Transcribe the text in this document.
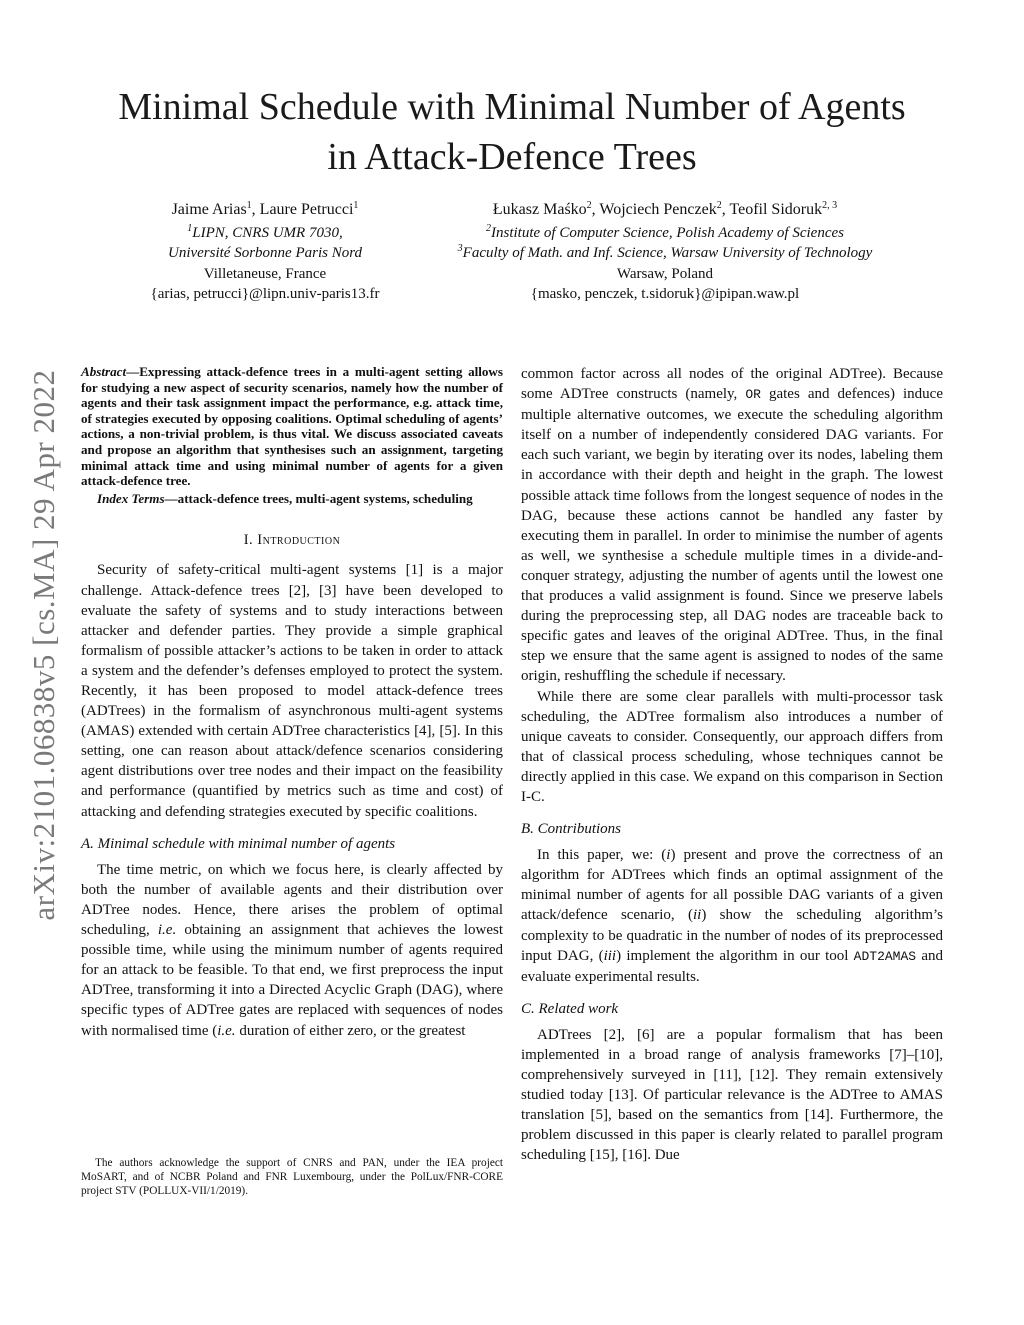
Minimal Schedule with Minimal Number of Agents
in Attack-Defence Trees
Jaime Arias$^1$, Laure Petrucci$^1$
$^1$LIPN, CNRS UMR 7030,
Université Sorbonne Paris Nord
Villetaneuse, France
{arias, petrucci}@lipn.univ-paris13.fr
Łukasz Maśko$^2$, Wojciech Penczek$^2$, Teofil Sidoruk$^{2, 3}$
$^2$Institute of Computer Science, Polish Academy of Sciences
$^3$Faculty of Math. and Inf. Science, Warsaw University of Technology
Warsaw, Poland
{masko, penczek, t.sidoruk}@ipipan.waw.pl
arXiv:2101.06838v5 [cs.MA] 29 Apr 2022 Abstract—Expressing attack-defence trees in a multi-agent setting allows for studying a new aspect of security scenarios, namely how the number of agents and their task assignment impact the performance, e.g. attack time, of strategies executed by opposing coalitions. Optimal scheduling of agents’ actions, a non-trivial problem, is thus vital. We discuss associated caveats and propose an algorithm that synthesises such an assignment, targeting minimal attack time and using minimal number of agents for a given attack-defence tree.

Index Terms—attack-defence trees, multi-agent systems, scheduling

I. Introduction

Security of safety-critical multi-agent systems [1] is a major challenge. Attack-defence trees [2], [3] have been developed to evaluate the safety of systems and to study interactions between attacker and defender parties. They provide a simple graphical formalism of possible attacker’s actions to be taken in order to attack a system and the defender’s defenses employed to protect the system. Recently, it has been proposed to model attack-defence trees (ADTrees) in the formalism of asynchronous multi-agent systems (AMAS) extended with certain ADTree characteristics [4], [5]. In this setting, one can reason about attack/defence scenarios considering agent distributions over tree nodes and their impact on the feasibility and performance (quantified by metrics such as time and cost) of attacking and defending strategies executed by specific coalitions.

A. Minimal schedule with minimal number of agents

The time metric, on which we focus here, is clearly affected by both the number of available agents and their distribution over ADTree nodes. Hence, there arises the problem of optimal scheduling, i.e. obtaining an assignment that achieves the lowest possible time, while using the minimum number of agents required for an attack to be feasible. To that end, we first preprocess the input ADTree, transforming it into a Directed Acyclic Graph (DAG), where specific types of ADTree gates are replaced with sequences of nodes with normalised time (i.e. duration of either zero, or the greatest

The authors acknowledge the support of CNRS and PAN, under the IEA project MoSART, and of NCBR Poland and FNR Luxembourg, under the PolLux/FNR-CORE project STV (POLLUX-VII/1/2019).

common factor across all nodes of the original ADTree). Because some ADTree constructs (namely, OR gates and defences) induce multiple alternative outcomes, we execute the scheduling algorithm itself on a number of independently considered DAG variants. For each such variant, we begin by iterating over its nodes, labeling them in accordance with their depth and height in the graph. The lowest possible attack time follows from the longest sequence of nodes in the DAG, because these actions cannot be handled any faster by executing them in parallel. In order to minimise the number of agents as well, we synthesise a schedule multiple times in a divide-and-conquer strategy, adjusting the number of agents until the lowest one that produces a valid assignment is found. Since we preserve labels during the preprocessing step, all DAG nodes are traceable back to specific gates and leaves of the original ADTree. Thus, in the final step we ensure that the same agent is assigned to nodes of the same origin, reshuffling the schedule if necessary.

While there are some clear parallels with multi-processor task scheduling, the ADTree formalism also introduces a number of unique caveats to consider. Consequently, our approach differs from that of classical process scheduling, whose techniques cannot be directly applied in this case. We expand on this comparison in Section I-C.

B. Contributions

In this paper, we: (i) present and prove the correctness of an algorithm for ADTrees which finds an optimal assignment of the minimal number of agents for all possible DAG variants of a given attack/defence scenario, (ii) show the scheduling algorithm’s complexity to be quadratic in the number of nodes of its preprocessed input DAG, (iii) implement the algorithm in our tool ADT2AMAS and evaluate experimental results.

C. Related work

ADTrees [2], [6] are a popular formalism that has been implemented in a broad range of analysis frameworks [7]–[10], comprehensively surveyed in [11], [12]. They remain extensively studied today [13]. Of particular relevance is the ADTree to AMAS translation [5], based on the semantics from [14]. Furthermore, the problem discussed in this paper is clearly related to parallel program scheduling [15], [16]. Due
